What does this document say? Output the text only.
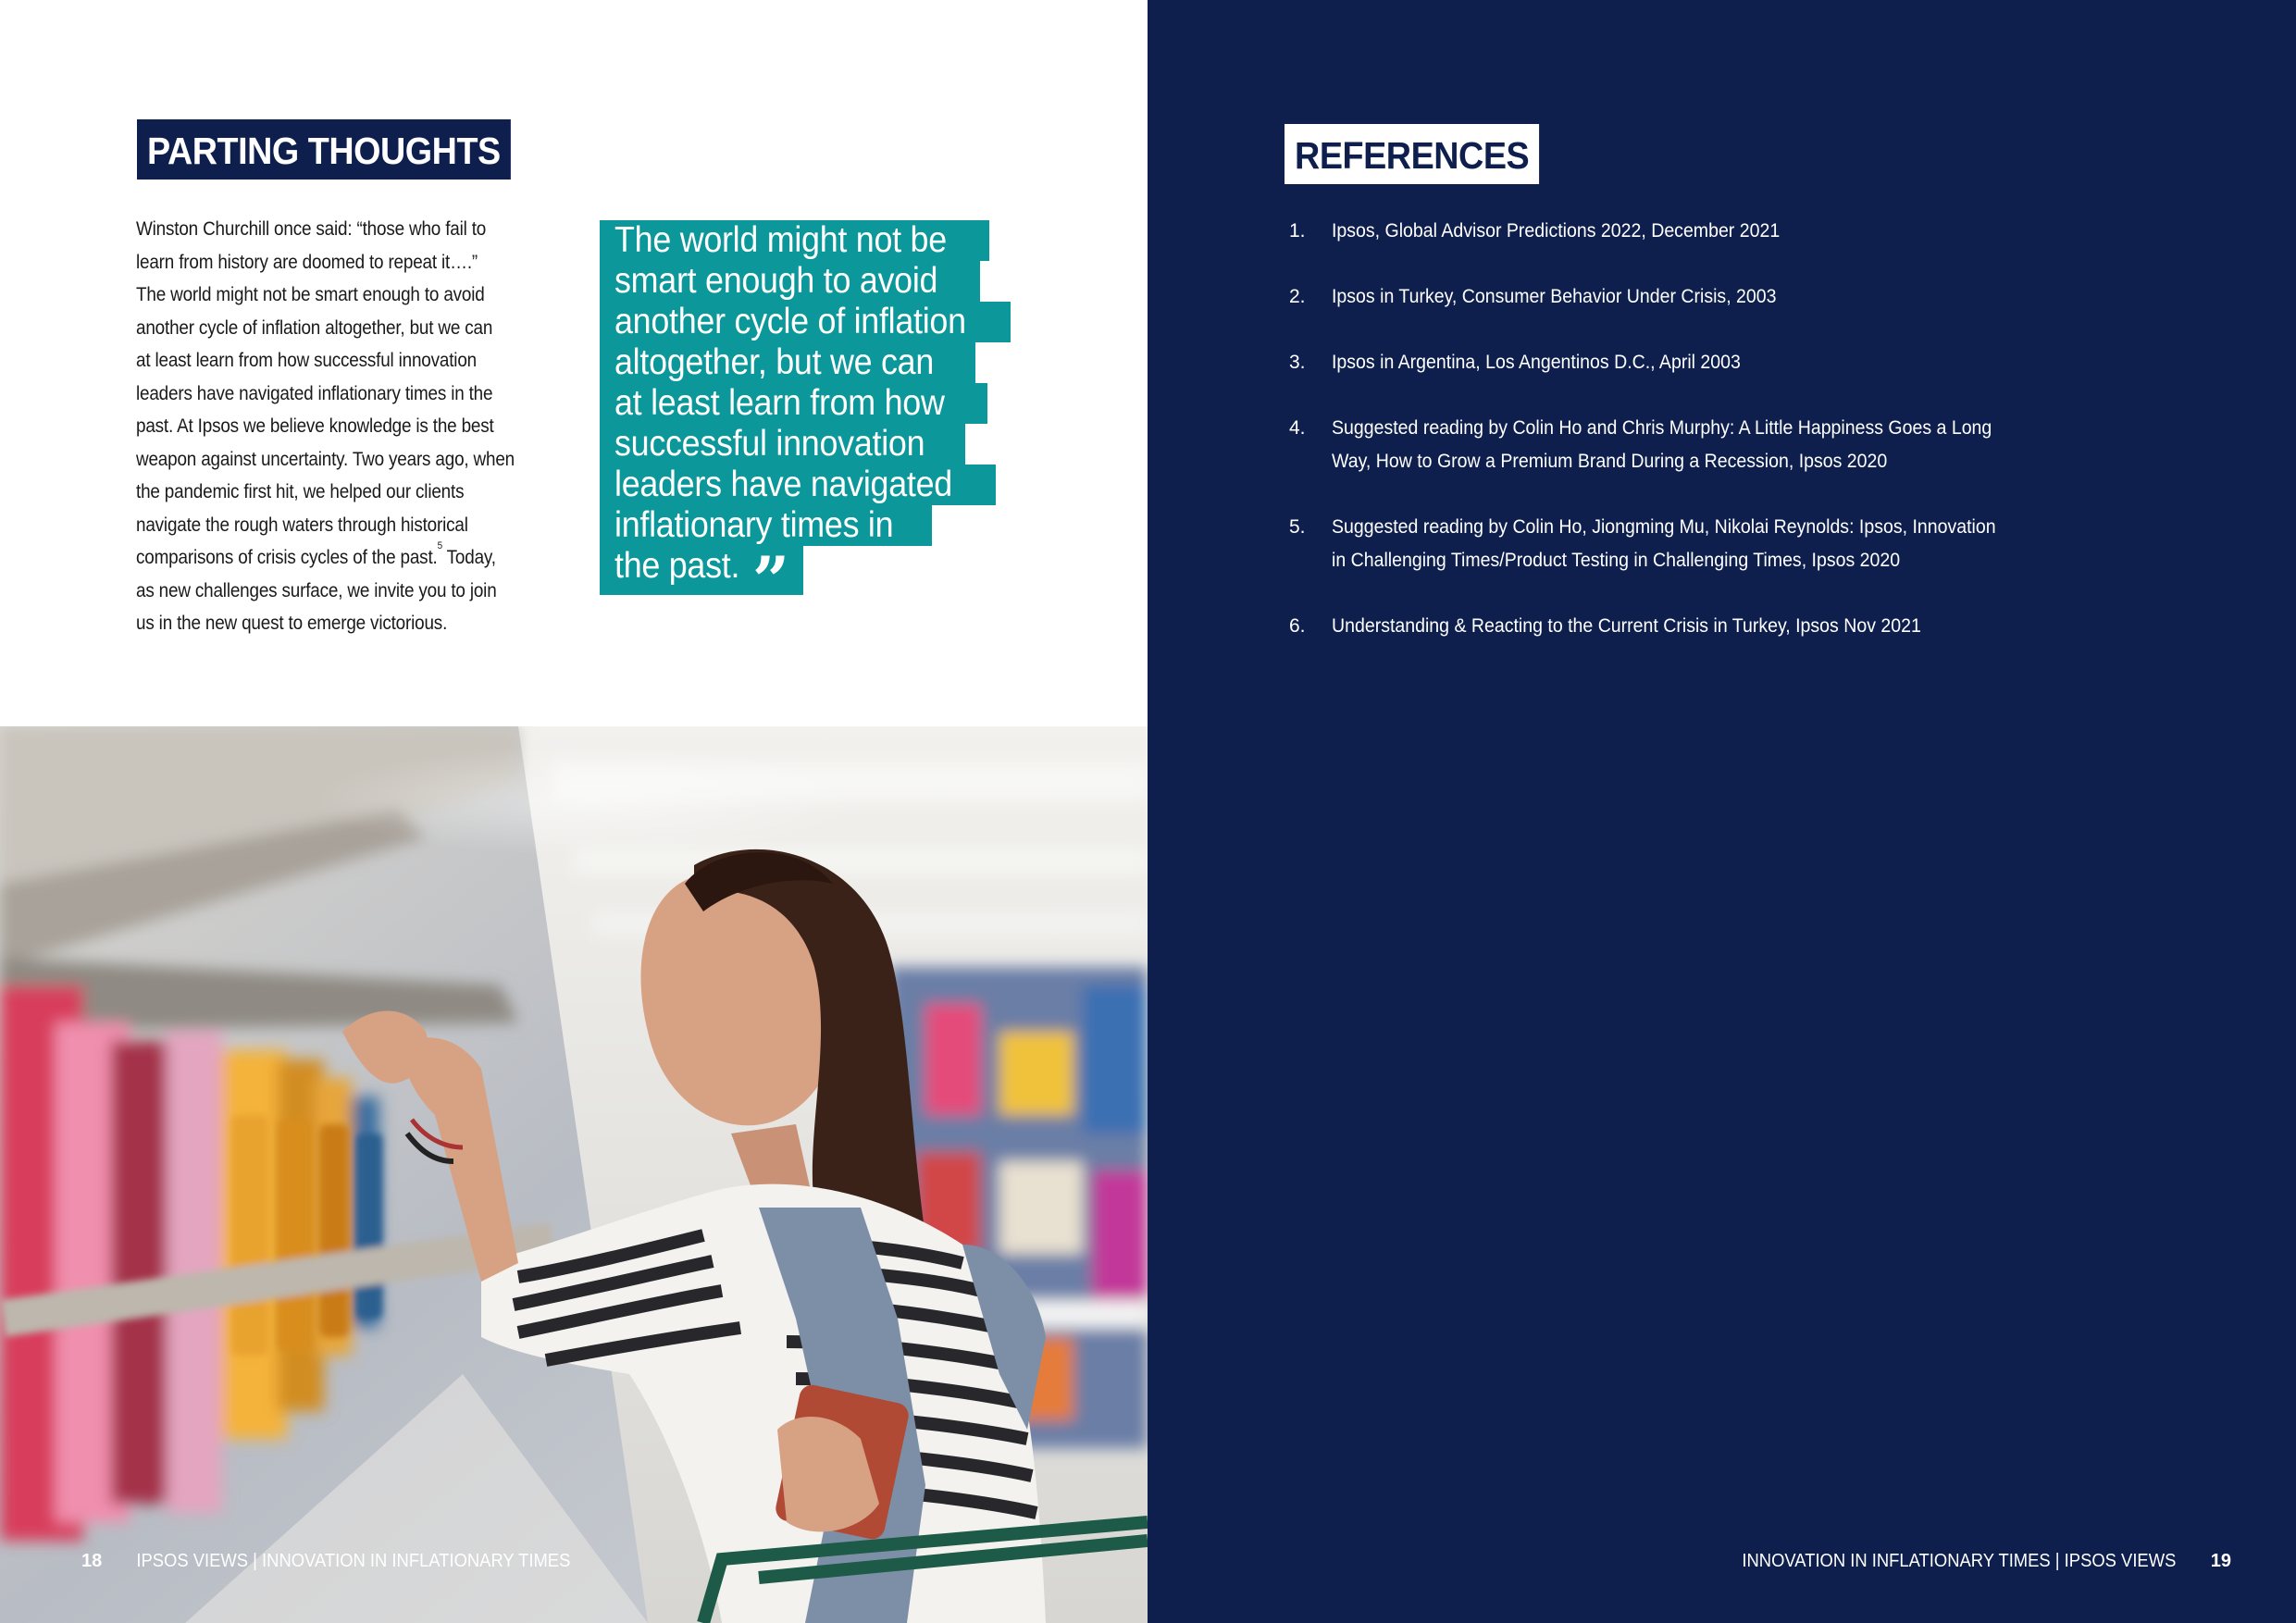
PARTING THOUGHTS
Winston Churchill once said: “those who fail to
learn from history are doomed to repeat it….”
The world might not be smart enough to avoid
another cycle of inflation altogether, but we can
at least learn from how successful innovation
leaders have navigated inflationary times in the
past. At Ipsos we believe knowledge is the best
weapon against uncertainty. Two years ago, when
the pandemic first hit, we helped our clients
navigate the rough waters through historical
comparisons of crisis cycles of the past.$^5$ Today,
as new challenges surface, we invite you to join
us in the new quest to emerge victorious.
The world might not be
smart enough to avoid
another cycle of inflation
altogether, but we can
at least learn from how
successful innovation
leaders have navigated
inflationary times in
the past. ”
18 IPSOS VIEWS | INNOVATION IN INFLATIONARY TIMES
REFERENCES
1.	Ipsos, Global Advisor Predictions 2022, December 2021
2.	Ipsos in Turkey, Consumer Behavior Under Crisis, 2003
3.	Ipsos in Argentina, Los Angentinos D.C., April 2003
4.	Suggested reading by Colin Ho and Chris Murphy: A Little Happiness Goes a Long
Way, How to Grow a Premium Brand During a Recession, Ipsos 2020
5.	Suggested reading by Colin Ho, Jiongming Mu, Nikolai Reynolds: Ipsos, Innovation
in Challenging Times/Product Testing in Challenging Times, Ipsos 2020
6.	Understanding & Reacting to the Current Crisis in Turkey, Ipsos Nov 2021
INNOVATION IN INFLATIONARY TIMES | IPSOS VIEWS 19
